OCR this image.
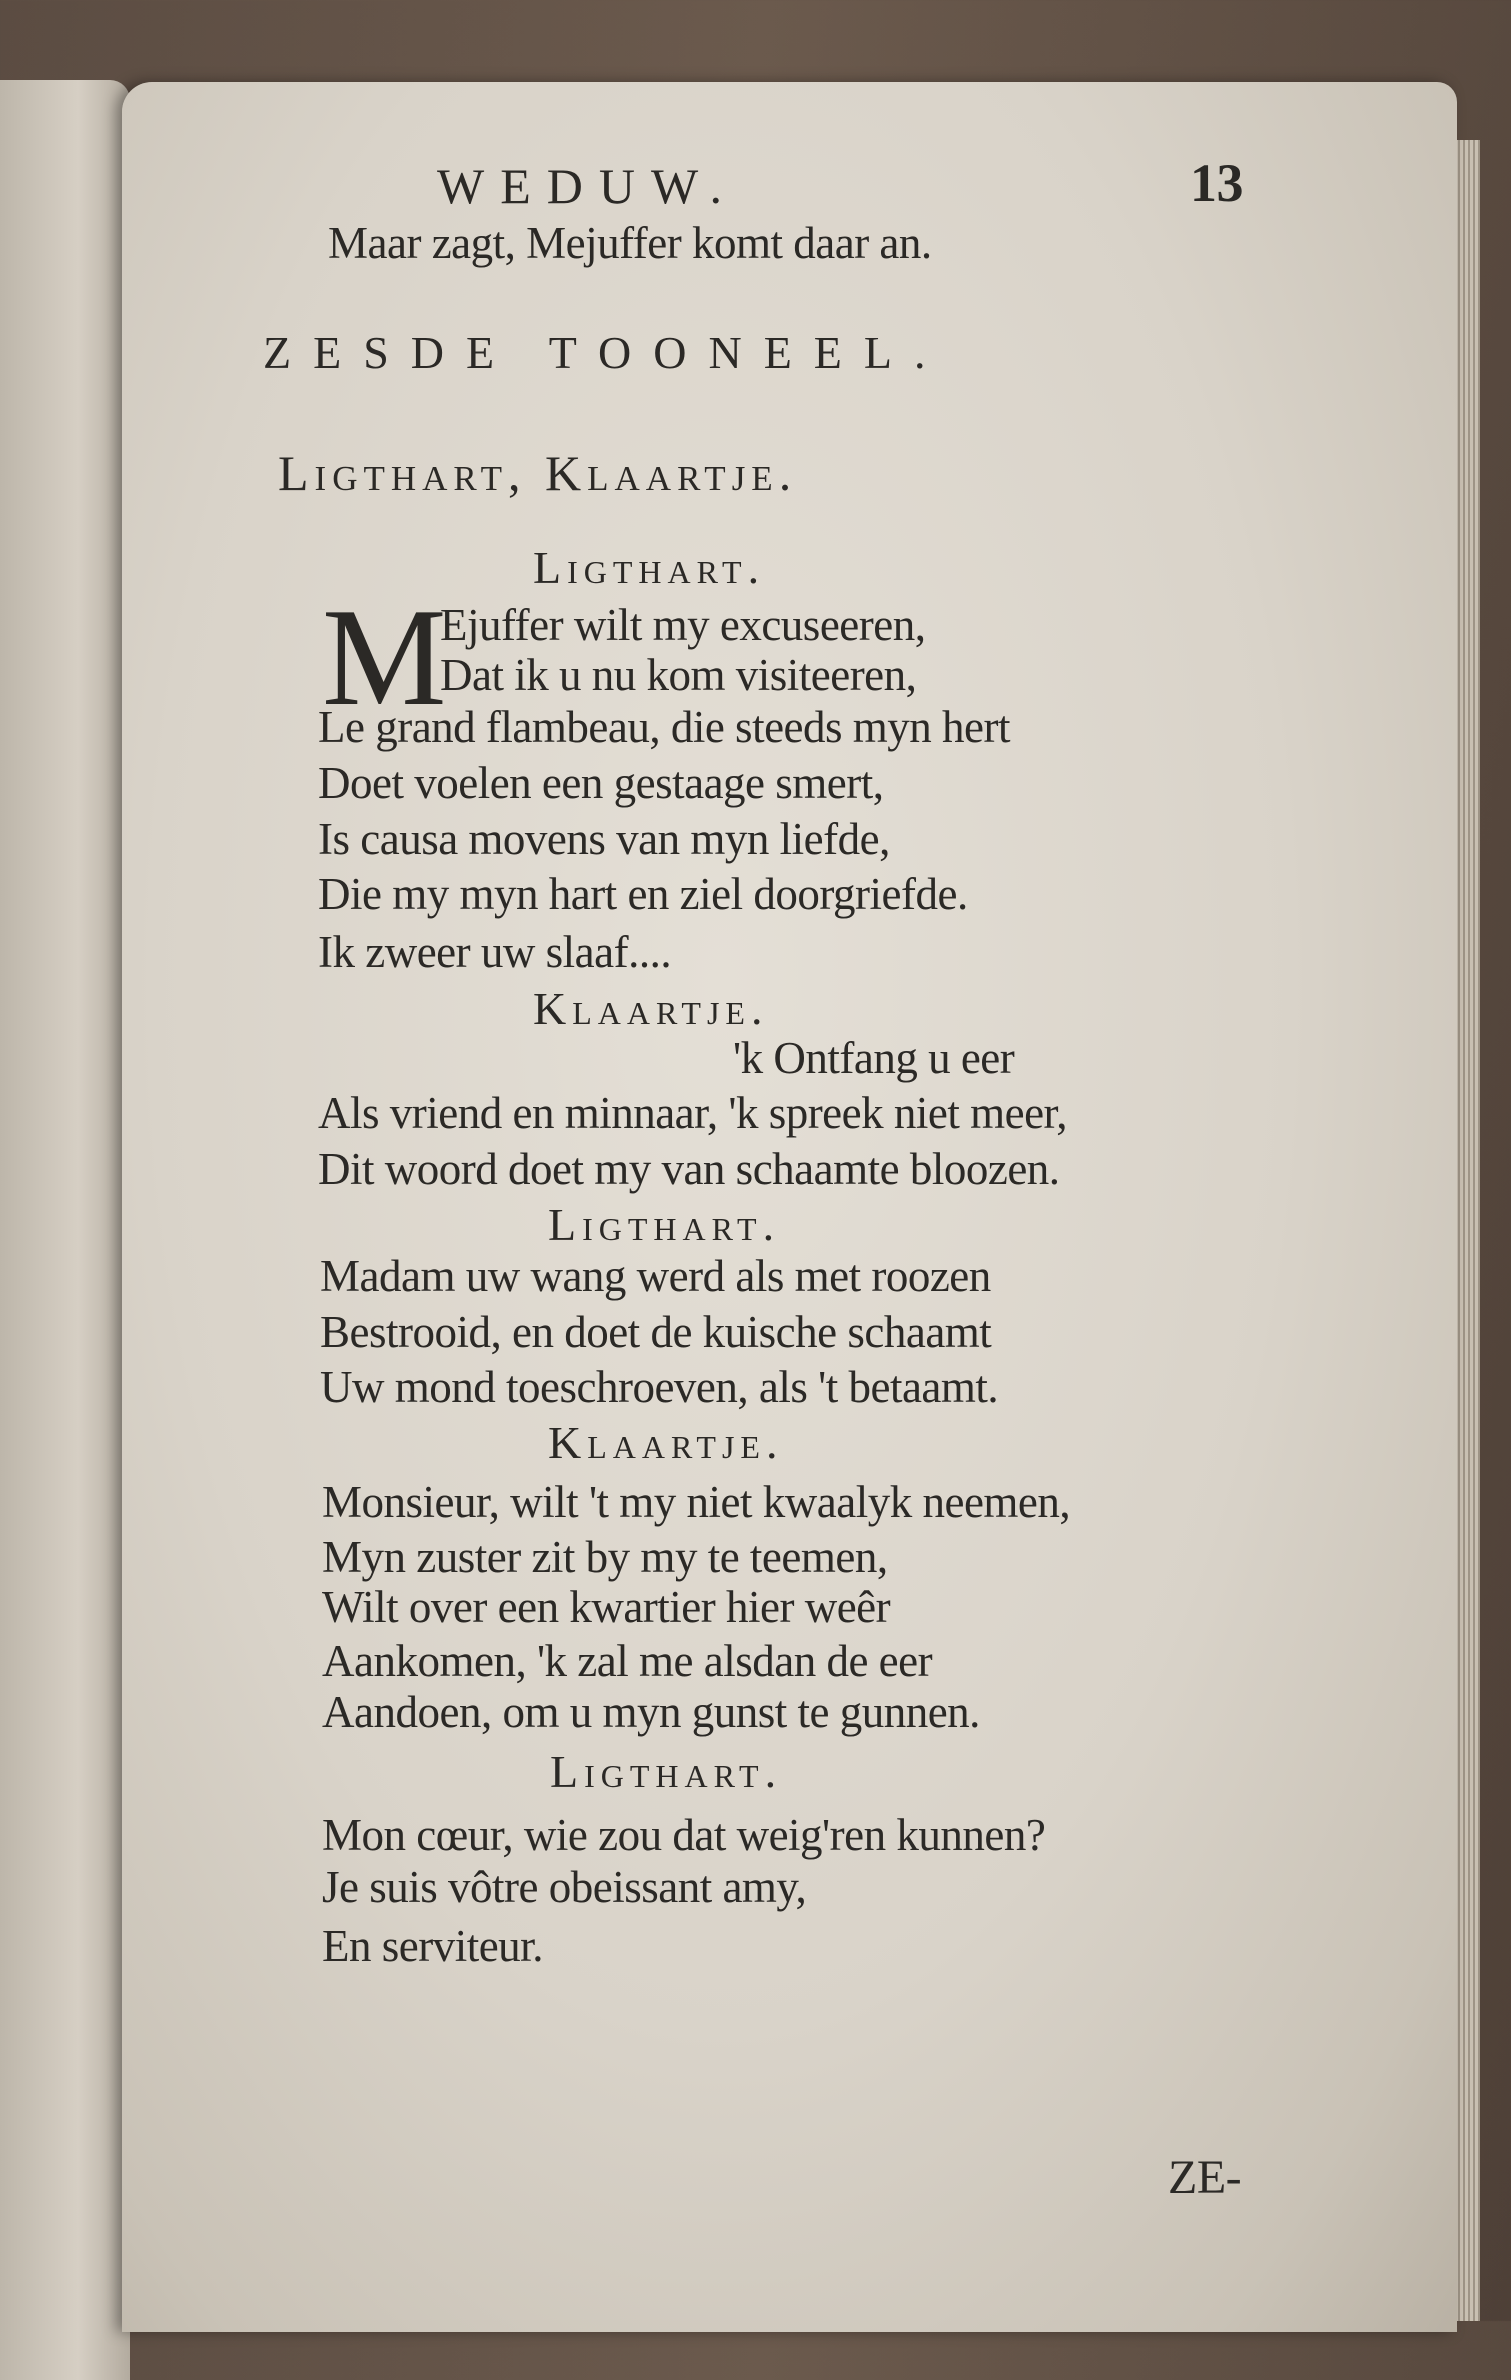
WEDUW.	13
Maar zagt, Mejuffer komt daar an.
ZESDE TOONEEL.
Ligthart, Klaartje.
Ligthart.
M
Ejuffer wilt my excuseeren,
Dat ik u nu kom visiteeren,
Le grand flambeau, die steeds myn hert
Doet voelen een gestaage smert,
Is causa movens van myn liefde,
Die my myn hart en ziel doorgriefde.
Ik zweer uw slaaf....
Klaartje.
'k Ontfang u eer
Als vriend en minnaar, 'k spreek niet meer,
Dit woord doet my van schaamte bloozen.
Ligthart.
Madam uw wang werd als met roozen
Bestrooid, en doet de kuische schaamt
Uw mond toeschroeven, als 't betaamt.
Klaartje.
Monsieur, wilt 't my niet kwaalyk neemen,
Myn zuster zit by my te teemen,
Wilt over een kwartier hier weêr
Aankomen, 'k zal me alsdan de eer
Aandoen, om u myn gunst te gunnen.
Ligthart.
Mon cœur, wie zou dat weig'ren kunnen?
Je suis vôtre obeissant amy,
En serviteur.
ZE-
